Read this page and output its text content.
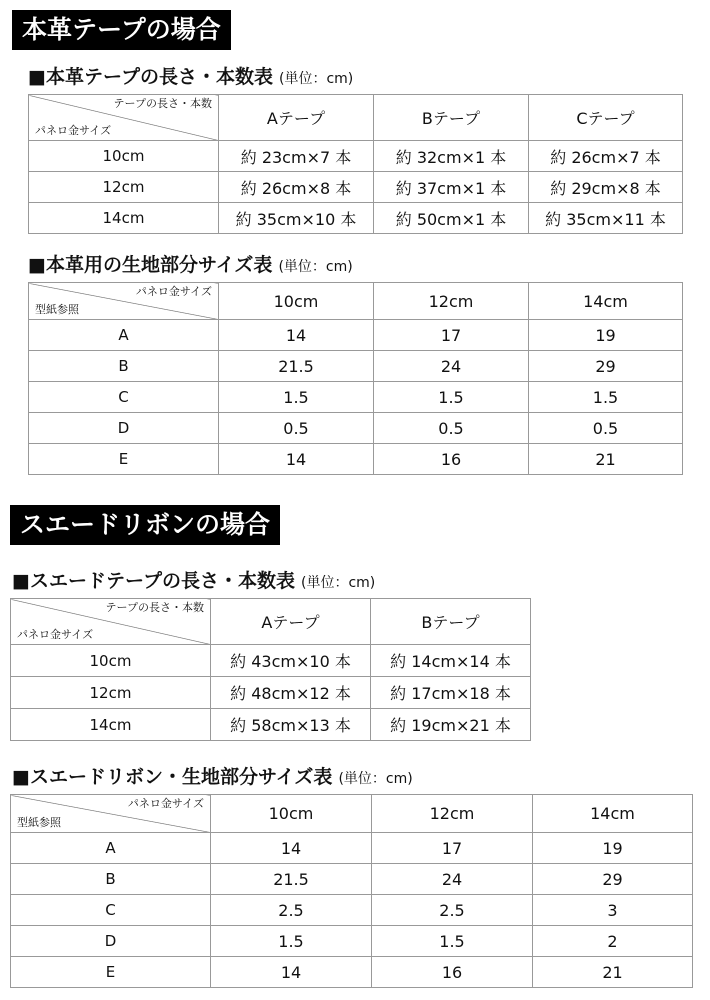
本革テープの場合
■本革テープの長さ・本数表 (単位：cm)
テープの長さ・本数
パネロ金サイズ	Aテープ	Bテープ	Cテープ
10cm	約 23cm×7 本	約 32cm×1 本	約 26cm×7 本
12cm	約 26cm×8 本	約 37cm×1 本	約 29cm×8 本
14cm	約 35cm×10 本	約 50cm×1 本	約 35cm×11 本
■本革用の生地部分サイズ表 (単位：cm)
パネロ金サイズ
型紙参照	10cm	12cm	14cm
A	14	17	19
B	21.5	24	29
C	1.5	1.5	1.5
D	0.5	0.5	0.5
E	14	16	21
スエードリボンの場合
■スエードテープの長さ・本数表 (単位：cm)
テープの長さ・本数
パネロ金サイズ	Aテープ	Bテープ
10cm	約 43cm×10 本	約 14cm×14 本
12cm	約 48cm×12 本	約 17cm×18 本
14cm	約 58cm×13 本	約 19cm×21 本
■スエードリボン・生地部分サイズ表 (単位：cm)
パネロ金サイズ
型紙参照	10cm	12cm	14cm
A	14	17	19
B	21.5	24	29
C	2.5	2.5	3
D	1.5	1.5	2
E	14	16	21
